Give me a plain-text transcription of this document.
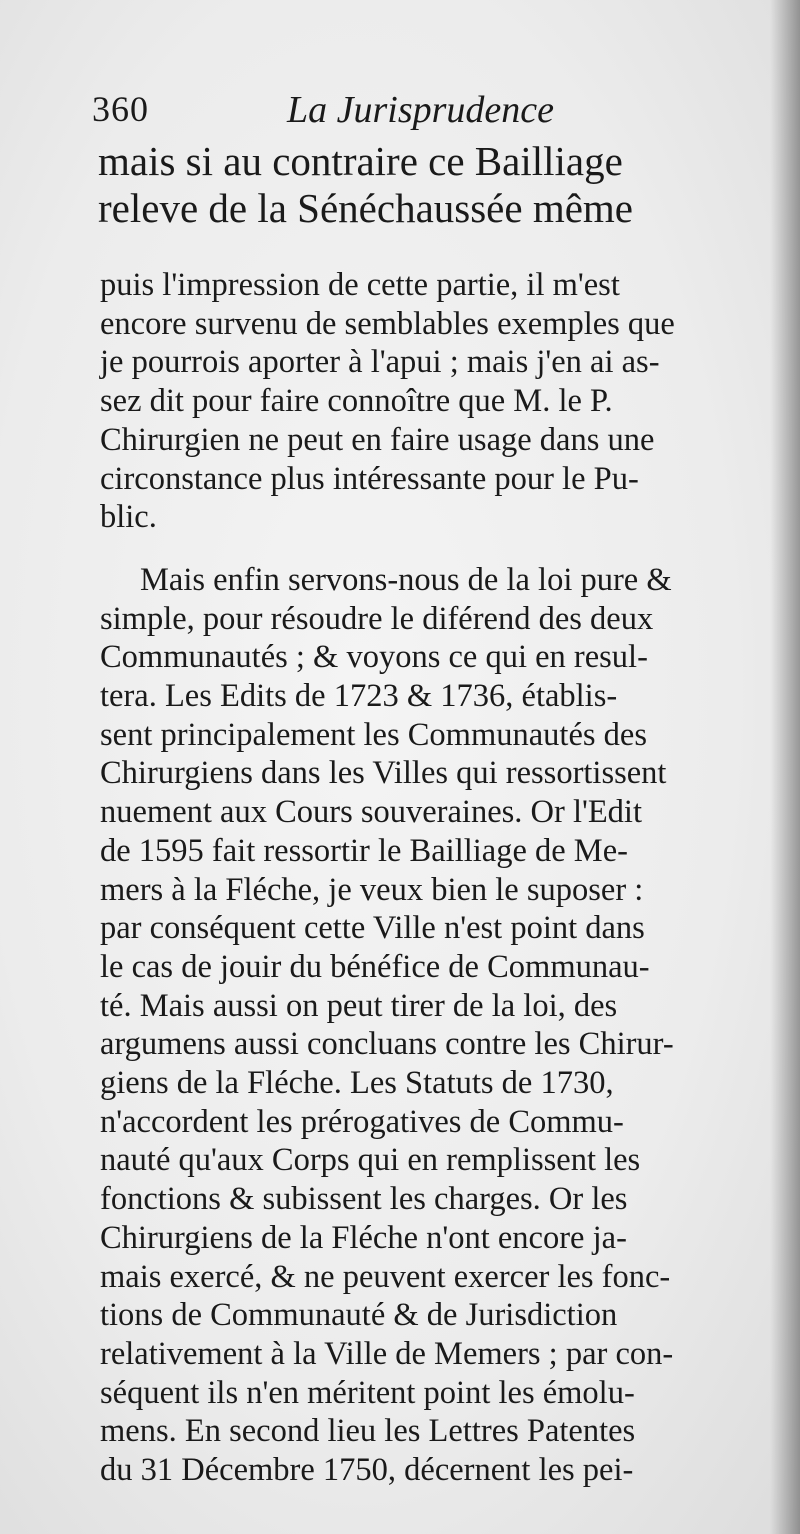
360	La Jurisprudence
mais si au contraire ce Bailliage
releve de la Sénéchaussée même
puis l'impression de cette partie, il m'est
encore survenu de semblables exemples que
je pourrois aporter à l'apui ; mais j'en ai as-
sez dit pour faire connoître que M. le P.
Chirurgien ne peut en faire usage dans une
circonstance plus intéressante pour le Pu-
blic.
Mais enfin servons-nous de la loi pure &
simple, pour résoudre le diférend des deux
Communautés ; & voyons ce qui en resul-
tera. Les Edits de 1723 & 1736, établis-
sent principalement les Communautés des
Chirurgiens dans les Villes qui ressortissent
nuement aux Cours souveraines. Or l'Edit
de 1595 fait ressortir le Bailliage de Me-
mers à la Fléche, je veux bien le suposer :
par conséquent cette Ville n'est point dans
le cas de jouir du bénéfice de Communau-
té. Mais aussi on peut tirer de la loi, des
argumens aussi concluans contre les Chirur-
giens de la Fléche. Les Statuts de 1730,
n'accordent les prérogatives de Commu-
nauté qu'aux Corps qui en remplissent les
fonctions & subissent les charges. Or les
Chirurgiens de la Fléche n'ont encore ja-
mais exercé, & ne peuvent exercer les fonc-
tions de Communauté & de Jurisdiction
relativement à la Ville de Memers ; par con-
séquent ils n'en méritent point les émolu-
mens. En second lieu les Lettres Patentes
du 31 Décembre 1750, décernent les pei-
